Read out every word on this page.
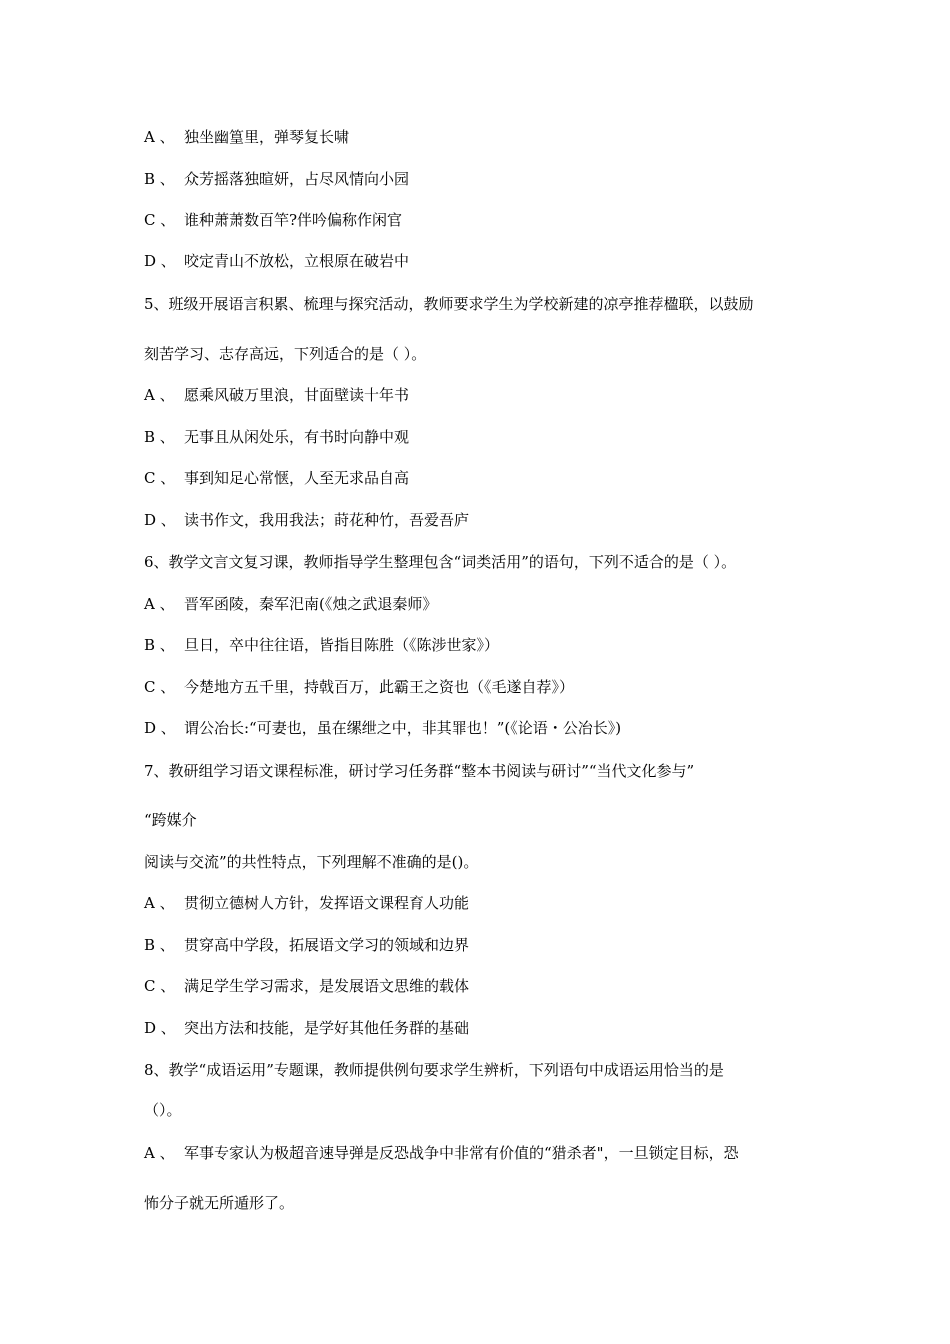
A 、 独坐幽篁里，弹琴复长啸
B 、 众芳摇落独暄妍，占尽风情向小园
C 、 谁种萧萧数百竿?伴吟偏称作闲官
D 、 咬定青山不放松，立根原在破岩中
5、班级开展语言积累、梳理与探究活动，教师要求学生为学校新建的凉亭推荐楹联，以鼓励
刻苦学习、志存高远，下列适合的是（ ）。
A 、 愿乘风破万里浪，甘面壁读十年书
B 、 无事且从闲处乐，有书时向静中观
C 、 事到知足心常惬，人至无求品自高
D 、 读书作文，我用我法；莳花种竹，吾爱吾庐
6、教学文言文复习课，教师指导学生整理包含“词类活用”的语句，下列不适合的是（ ）。
A 、 晋军函陵，秦军汜南(《烛之武退秦师》
B 、 旦日，卒中往往语，皆指目陈胜（《陈涉世家》）
C 、 今楚地方五千里，持戟百万，此霸王之资也（《毛遂自荐》）
D 、 谓公冶长:“可妻也，虽在缧绁之中，非其罪也！”(《论语・公冶长》)
7、教研组学习语文课程标准，研讨学习任务群“整本书阅读与研讨”“当代文化参与”
“跨媒介
阅读与交流”的共性特点，下列理解不准确的是()。
A 、 贯彻立德树人方针，发挥语文课程育人功能
B 、 贯穿高中学段，拓展语文学习的领域和边界
C 、 满足学生学习需求，是发展语文思维的载体
D 、 突出方法和技能，是学好其他任务群的基础
8、教学“成语运用”专题课，教师提供例句要求学生辨析，下列语句中成语运用恰当的是
（）。
A 、 军事专家认为极超音速导弹是反恐战争中非常有价值的“猎杀者"，一旦锁定目标，恐
怖分子就无所遁形了。
